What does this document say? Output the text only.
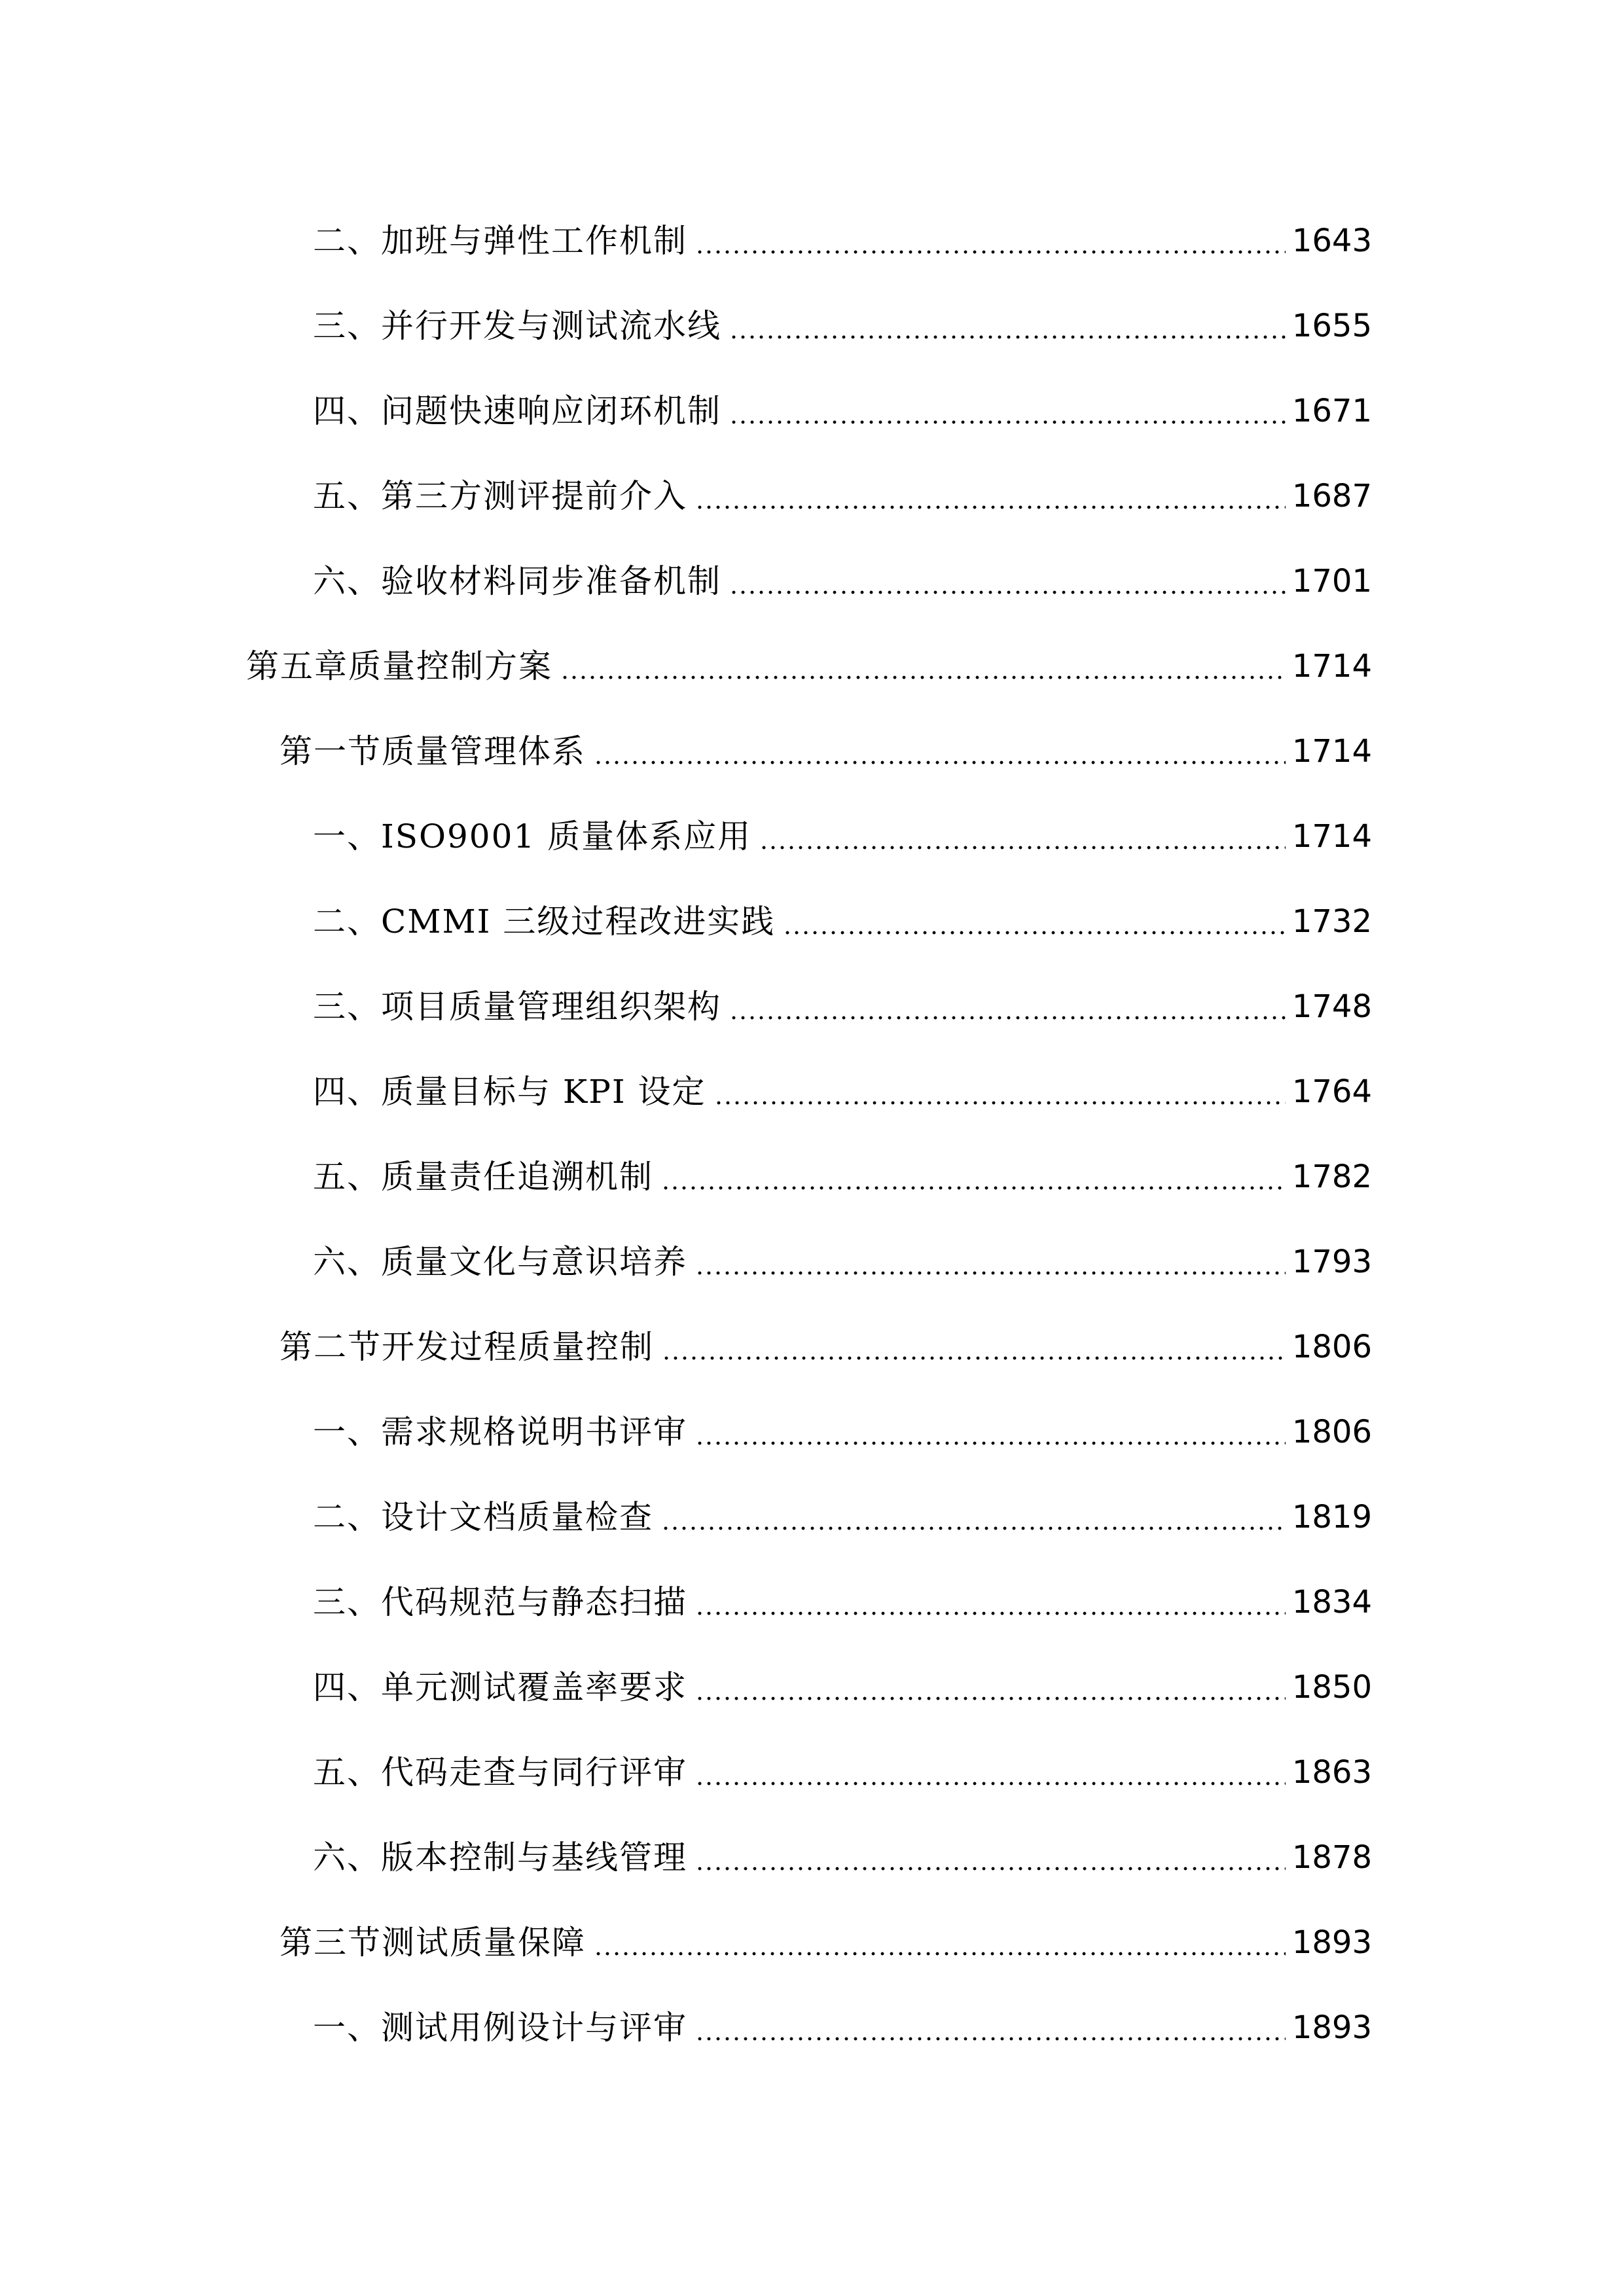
二、加班与弹性工作机制	1643
三、并行开发与测试流水线	1655
四、问题快速响应闭环机制	1671
五、第三方测评提前介入	1687
六、验收材料同步准备机制	1701
第五章质量控制方案	1714
第一节质量管理体系	1714
一、ISO9001 质量体系应用	1714
二、CMMI 三级过程改进实践	1732
三、项目质量管理组织架构	1748
四、质量目标与 KPI 设定	1764
五、质量责任追溯机制	1782
六、质量文化与意识培养	1793
第二节开发过程质量控制	1806
一、需求规格说明书评审	1806
二、设计文档质量检查	1819
三、代码规范与静态扫描	1834
四、单元测试覆盖率要求	1850
五、代码走查与同行评审	1863
六、版本控制与基线管理	1878
第三节测试质量保障	1893
一、测试用例设计与评审	1893
